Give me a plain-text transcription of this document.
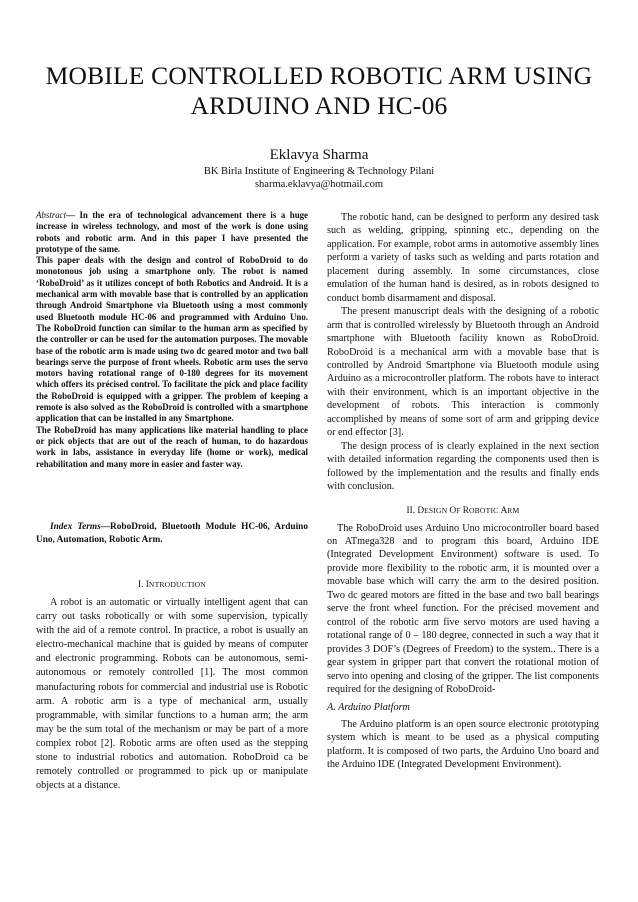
MOBILE CONTROLLED ROBOTIC ARM USING
ARDUINO AND HC-06
Eklavya Sharma
BK Birla Institute of Engineering & Technology Pilani
sharma.eklavya@hotmail.com

Abstract— In the era of technological advancement there is a huge increase in wireless technology, and most of the work is done using robots and robotic arm. And in this paper I have presented the prototype of the same.

This paper deals with the design and control of RoboDroid to do monotonous job using a smartphone only. The robot is named ‘RoboDroid’ as it utilizes concept of both Robotics and Android. It is a mechanical arm with movable base that is controlled by an application through Android Smartphone via Bluetooth using a most commonly used Bluetooth module HC-06 and programmed with Arduino Uno. The RoboDroid function can similar to the human arm as specified by the controller or can be used for the automation purposes. The movable base of the robotic arm is made using two dc geared motor and two ball bearings serve the purpose of front wheels. Robotic arm uses the servo motors having rotational range of 0-180 degrees for its movement which offers its précised control. To facilitate the pick and place facility the RoboDroid is equipped with a gripper. The problem of keeping a remote is also solved as the RoboDroid is controlled with a smartphone application that can be installed in any Smartphone.

The RoboDroid has many applications like material handling to place or pick objects that are out of the reach of human, to do hazardous work in labs, assistance in everyday life (home or work), medical rehabilitation and many more in easier and faster way.

Index Terms—RoboDroid, Bluetooth Module HC-06, Arduino Uno, Automation, Robotic Arm.

I. INTRODUCTION

A robot is an automatic or virtually intelligent agent that can carry out tasks robotically or with some supervision, typically with the aid of a remote control. In practice, a robot is usually an electro-mechanical machine that is guided by means of computer and electronic programming. Robots can be autonomous, semi-autonomous or remotely controlled [1]. The most common manufacturing robots for commercial and industrial use is Robotic arm. A robotic arm is a type of mechanical arm, usually programmable, with similar functions to a human arm; the arm may be the sum total of the mechanism or may be part of a more complex robot [2]. Robotic arms are often used as the stepping stone to industrial robotics and automation. RoboDroid ca be remotely controlled or programmed to pick up or manipulate objects at a distance.

The robotic hand, can be designed to perform any desired task such as welding, gripping, spinning etc., depending on the application. For example, robot arms in automotive assembly lines perform a variety of tasks such as welding and parts rotation and placement during assembly. In some circumstances, close emulation of the human hand is desired, as in robots designed to conduct bomb disarmament and disposal.

The present manuscript deals with the designing of a robotic arm that is controlled wirelessly by Bluetooth through an Android smartphone with Bluetooth facility known as RoboDroid. RoboDroid is a mechanical arm with a movable base that is controlled by Android Smartphone via Bluetooth module using Arduino as a microcontroller platform. The robots have to interact with their environment, which is an important objective in the development of robots. This interaction is commonly accomplished by means of some sort of arm and gripping device or end effector [3].

The design process of is clearly explained in the next section with detailed information regarding the components used then is followed by the implementation and the results and finally ends with conclusion.

II. DESIGN OF ROBOTIC ARM

The RoboDroid uses Arduino Uno microcontroller board based on ATmega328 and to program this board, Arduino IDE (Integrated Development Environment) software is used. To provide more flexibility to the robotic arm, it is mounted over a movable base which will carry the arm to the desired position. Two dc geared motors are fitted in the base and two ball bearings serve the front wheel function. For the précised movement and control of the robotic arm five servo motors are used having a rotational range of 0 – 180 degree, connected in such a way that it provides 3 DOF’s (Degrees of Freedom) to the system.. There is a gear system in gripper part that convert the rotational motion of servo into opening and closing of the gripper. The list components required for the designing of RoboDroid-

A. Arduino Platform

The Arduino platform is an open source electronic prototyping system which is meant to be used as a physical computing platform. It is composed of two parts, the Arduino Uno board and the Arduino IDE (Integrated Development Environment).
